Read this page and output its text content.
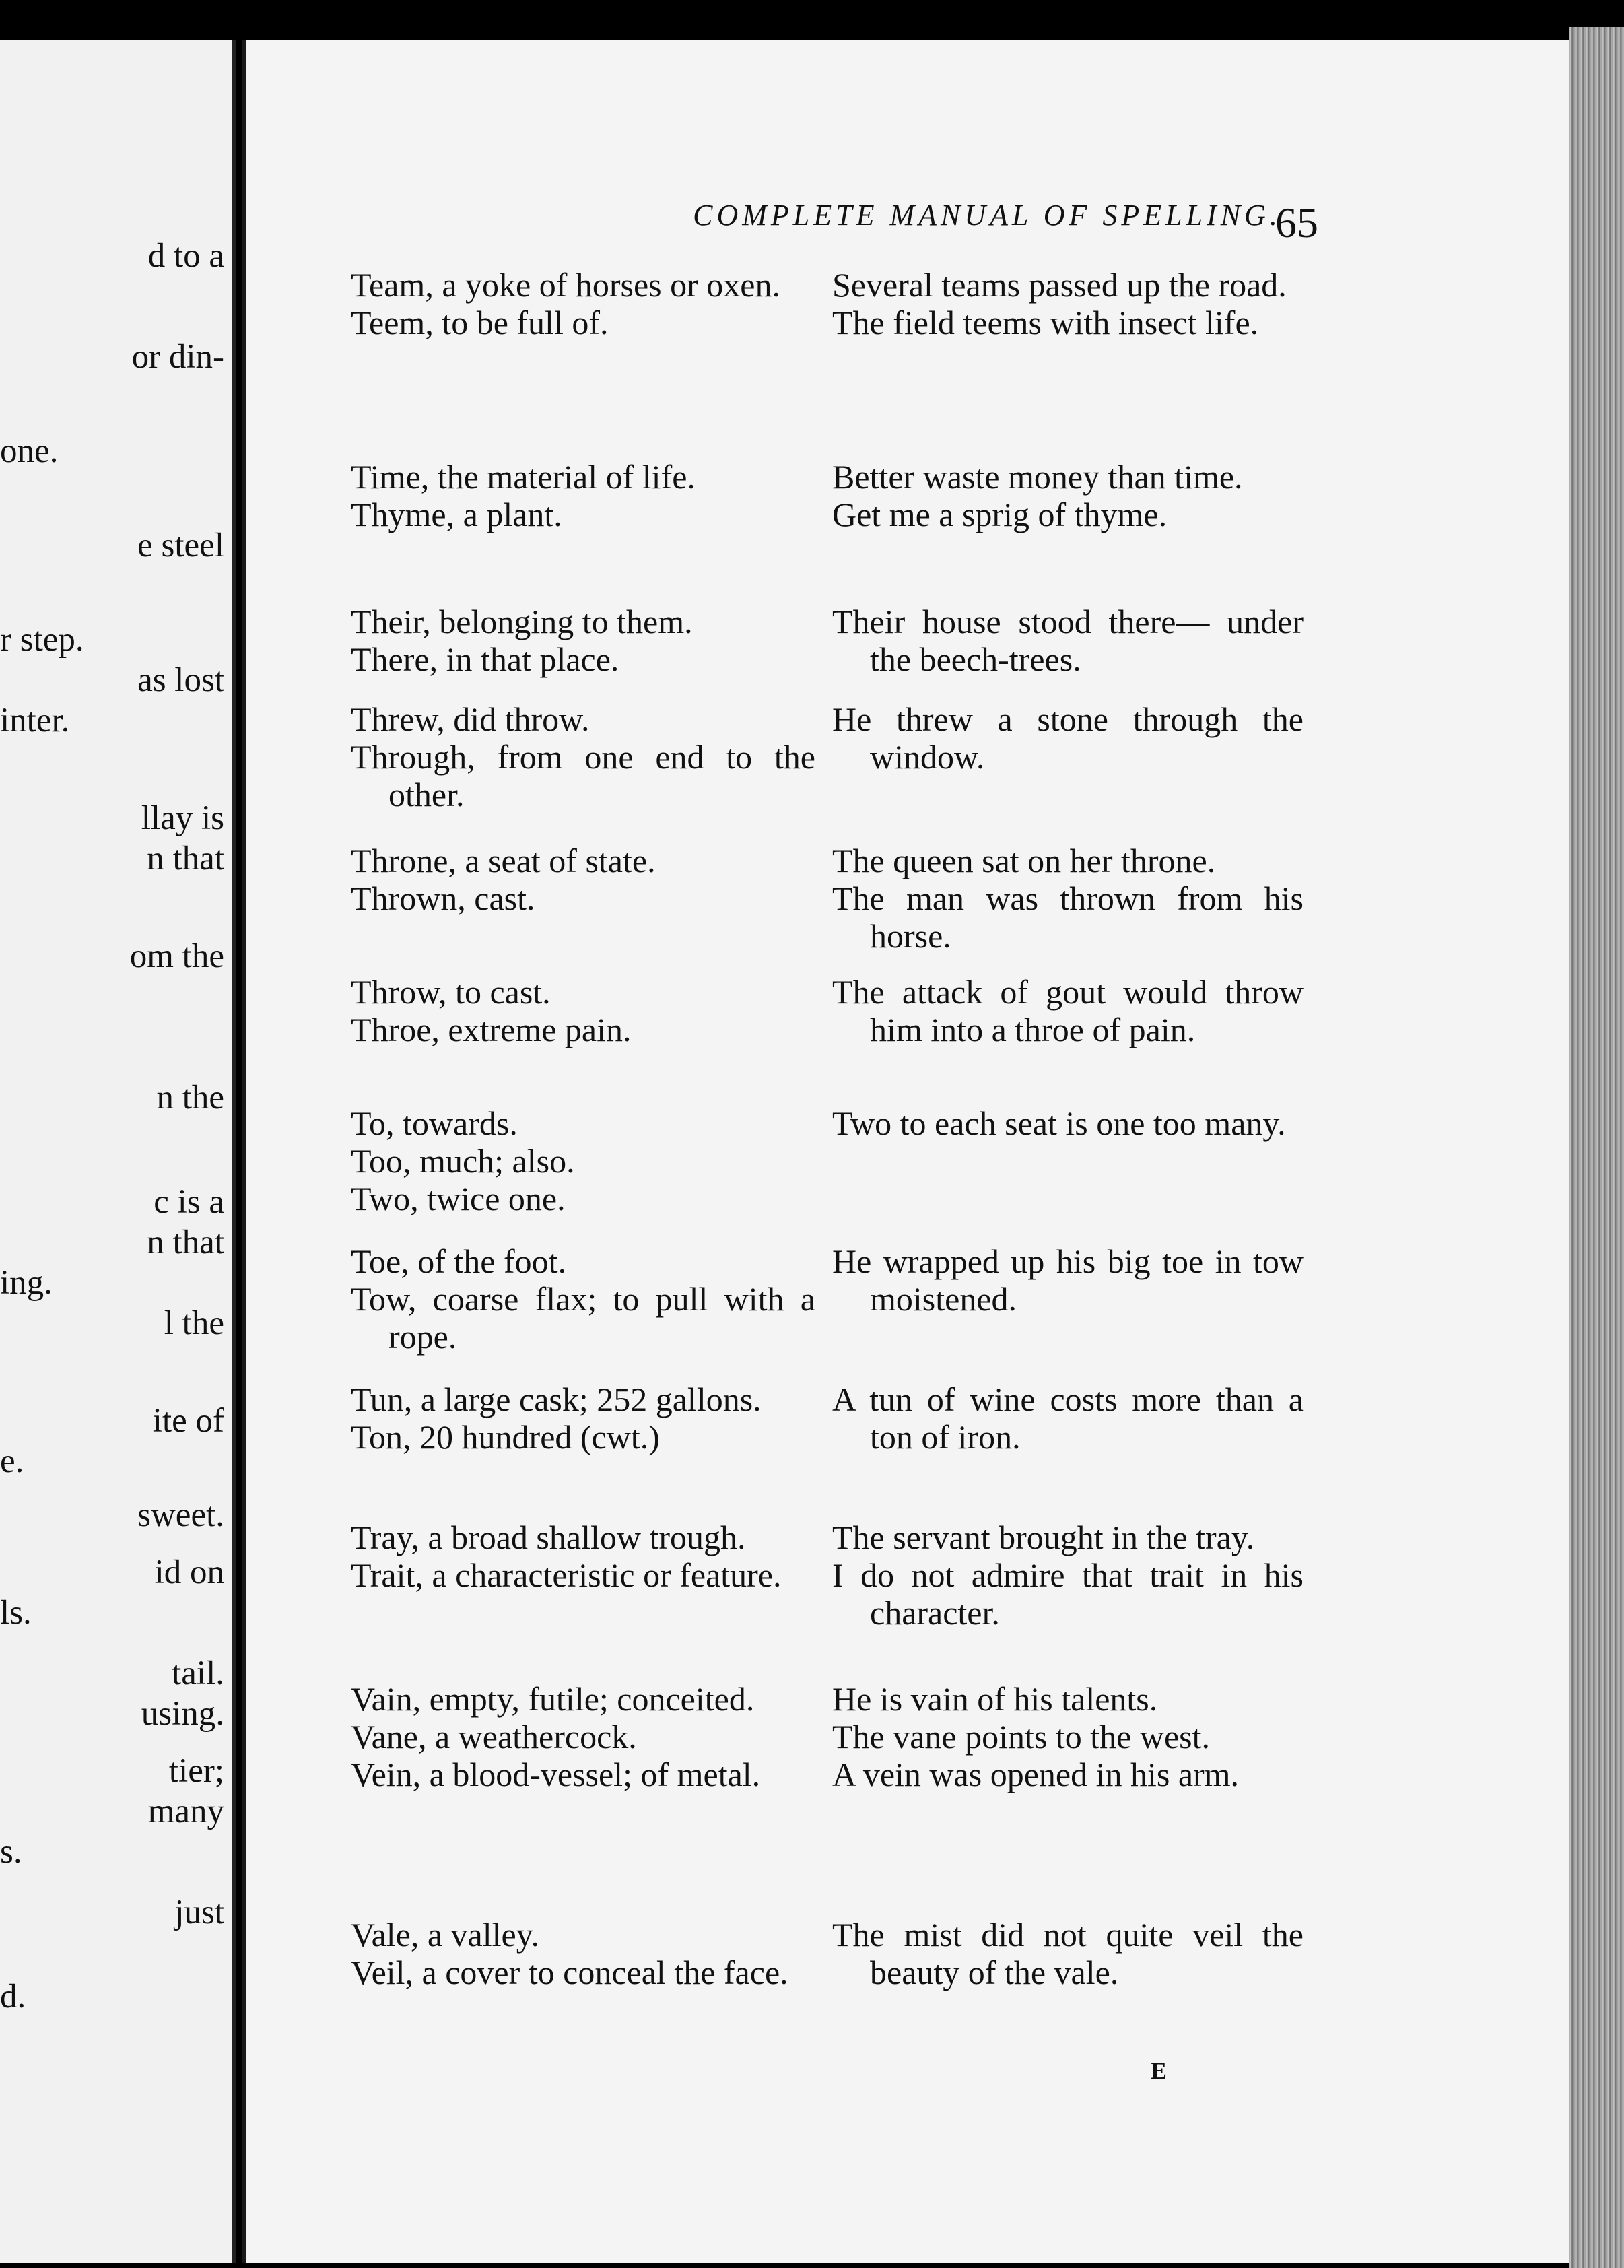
d to a
or din-
one.
e steel
r step.
as lost
inter.
llay is
n that
om the
n the
c is a
n that
ing.
l the
ite of
e.
sweet.
id on
ls.
tail.
using.
tier;
many
s.
just
d.
COMPLETE MANUAL OF SPELLING.
65
Team, a yoke of horses or oxen.
Teem, to be full of.
Several teams passed up the road.
The field teems with insect life.
Time, the material of life.
Thyme, a plant.
Better waste money than time.
Get me a sprig of thyme.
Their, belonging to them.
There, in that place.
Their house stood there— under the beech-trees.
Threw, did throw.
Through, from one end to the other.
He threw a stone through the window.
Throne, a seat of state.
Thrown, cast.
The queen sat on her throne.
The man was thrown from his horse.
Throw, to cast.
Throe, extreme pain.
The attack of gout would throw him into a throe of pain.
To, towards.
Too, much; also.
Two, twice one.
Two to each seat is one too many.
Toe, of the foot.
Tow, coarse flax; to pull with a rope.
He wrapped up his big toe in tow moistened.
Tun, a large cask; 252 gallons.
Ton, 20 hundred (cwt.)
A tun of wine costs more than a ton of iron.
Tray, a broad shallow trough.
Trait, a characteristic or feature.
The servant brought in the tray.
I do not admire that trait in his character.
Vain, empty, futile; conceited.
Vane, a weathercock.
Vein, a blood-vessel; of metal.
He is vain of his talents.
The vane points to the west.
A vein was opened in his arm.
Vale, a valley.
Veil, a cover to conceal the face.
The mist did not quite veil the beauty of the vale.
E
